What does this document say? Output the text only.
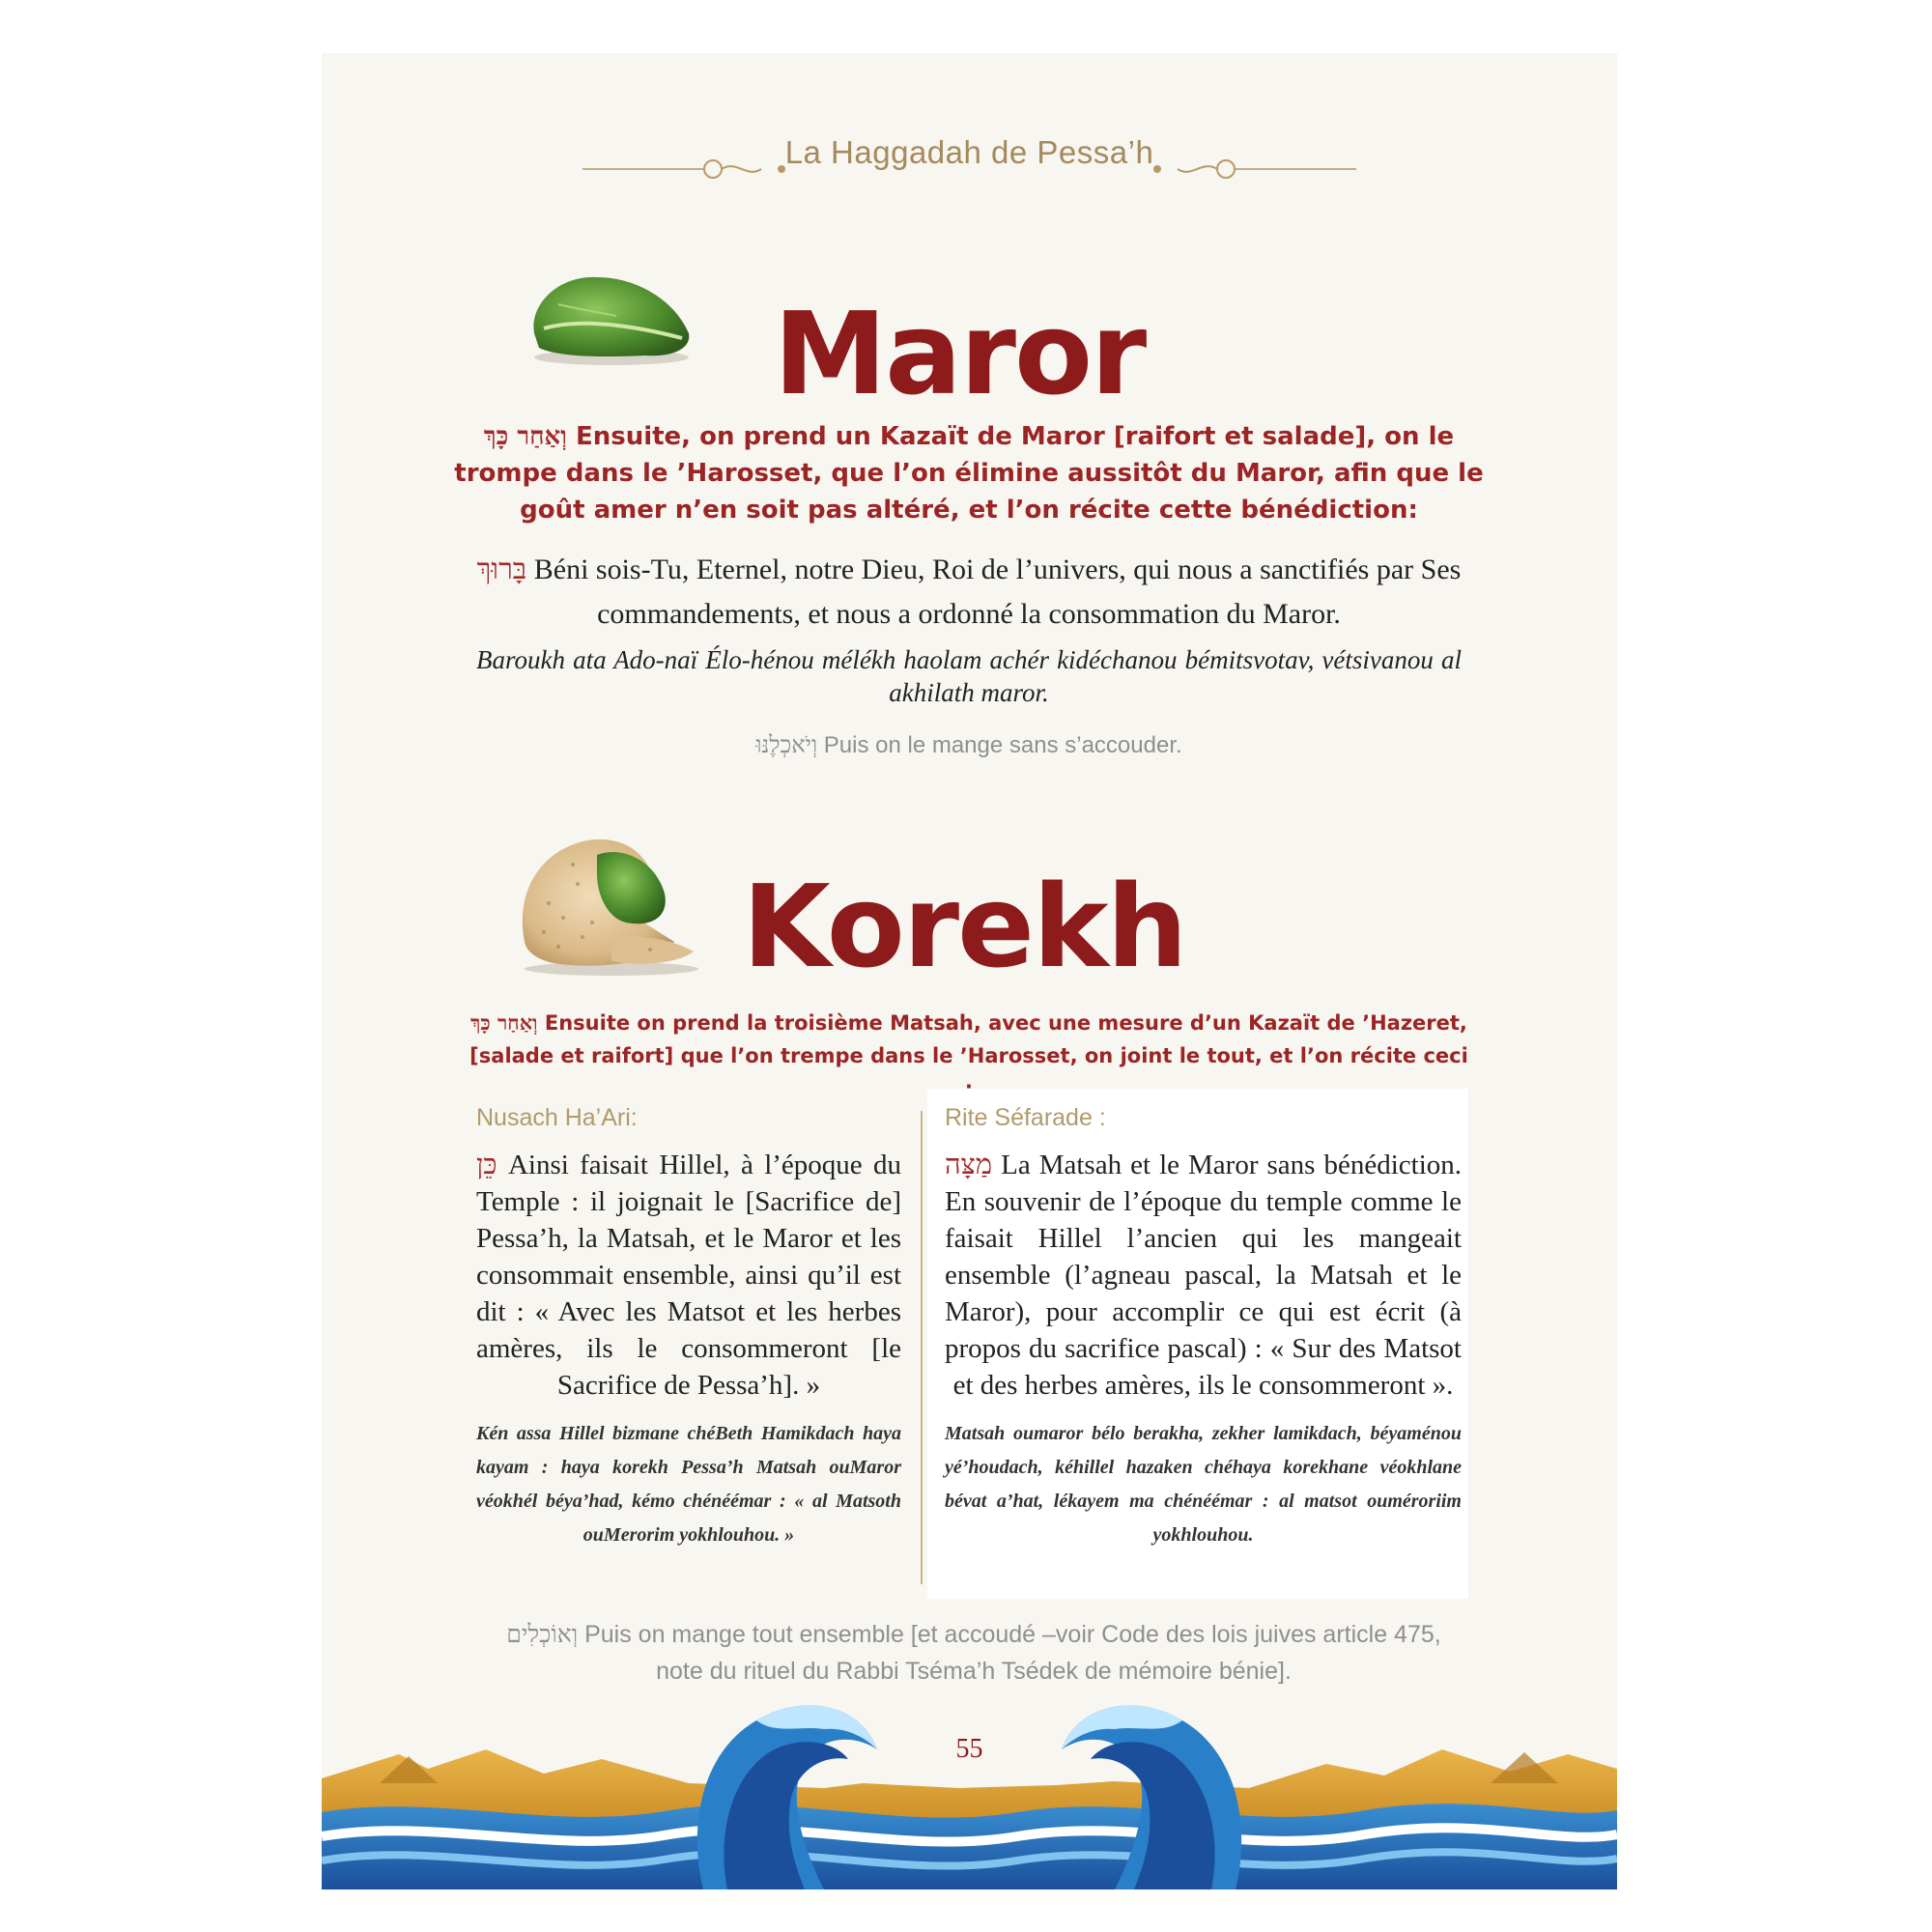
La Haggadah de Pessa’h
Maror
וְאַחַר כָּךְ Ensuite, on prend un Kazaït de Maror [raifort et salade], on le trompe dans le ’Harosset, que l’on élimine aussitôt du Maror, afin que le goût amer n’en soit pas altéré, et l’on récite cette bénédiction:
בָּרוּךְ Béni sois-Tu, Eternel, notre Dieu, Roi de l’univers, qui nous a sanctifiés par Ses commandements, et nous a ordonné la consommation du Maror.
Baroukh ata Ado-naï Élo-hénou mélékh haolam achér kidéchanou bémitsvotav, vétsivanou al akhilath maror.
וְיֹאכְלֶנּוּ Puis on le mange sans s’accouder.
Korekh
וְאַחַר כָּךְ Ensuite on prend la troisième Matsah, avec une mesure d’un Kazaït de ’Hazeret, [salade et raifort] que l’on trempe dans le ’Harosset, on joint le tout, et l’on récite ceci
Nusach Ha’Ari:
כֵּן Ainsi faisait Hillel, à l’époque du Temple : il joignait le [Sacrifice de] Pessa’h, la Matsah, et le Maror et les consommait ensemble, ainsi qu’il est dit : « Avec les Matsot et les herbes amères, ils le consommeront [le Sacrifice de Pessa’h]. »
Kén assa Hillel bizmane chéBeth Hamikdach haya kayam : haya korekh Pessa’h Matsah ouMaror véokhél béya’had, kémo chénéémar : « al Matsoth ouMerorim yokhlouhou. »
Rite Séfarade :
מַצָּה La Matsah et le Maror sans bénédiction. En souvenir de l’époque du temple comme le faisait Hillel l’ancien qui les mangeait ensemble (l’agneau pascal, la Matsah et le Maror), pour accomplir ce qui est écrit (à propos du sacrifice pascal) : « Sur des Matsot et des herbes amères, ils le consommeront ».
Matsah oumaror bélo berakha, zekher lamikdach, béyaménou yé’houdach, kéhillel hazaken chéhaya korekhane véokhlane bévat a’hat, lékayem ma chénéémar : al matsot ouméroriim yokhlouhou.
וְאוֹכְלִים Puis on mange tout ensemble [et accoudé –voir Code des lois juives article 475, note du rituel du Rabbi Tséma’h Tsédek de mémoire bénie].
55
